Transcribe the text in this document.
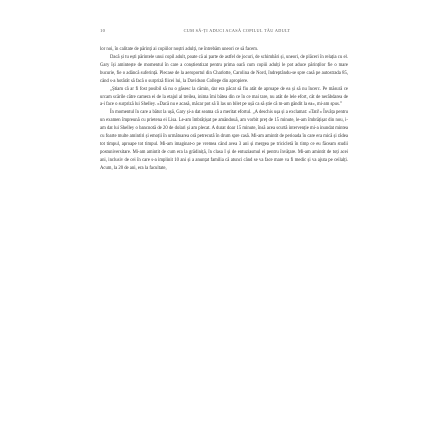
10	CUM SĂ-ȚI ADUCI ACASĂ COPILUL TĂU ADULT

lor noi, în calitate de părinți ai copiilor noștri adulți, ne întrebăm uneori ce să facem.

Dacă și tu ești părintele unui copil adult, poate că ai parte de astfel de jocuri, de schimbări și, uneori, de plăceri în relația cu el. Gary își amintește de momentul în care a conștientizat pentru prima oară cum copiii adulți le pot aduce părinților fie o mare bucurie, fie o adâncă suferință. Plecase de la aeroportul din Charlotte, Carolina de Nord, îndreptându-se spre casă pe autostrada 85, când s-a hotărât să facă o surpriză fiicei lui, la Davidson College din apropiere.

„Știam că ar fi fost posibil să nu o găsesc la cămin, dar era păcat să fiu atât de aproape de ea și să nu încerc. Pe măsură ce urcam scările către camera ei de la etajul al treilea, inima îmi bătea din ce în ce mai tare, nu atât de lele efort, cât de nerăbdarea de a-i face o surpriză lui Shelley. «Dacă nu e acasă, măcar pot să îi las un bilet pe ușă ca să știe că m-am gândit la ea», mi-am spus.”

În momentul în care a bătut la ușă, Gary și-a dat seama că a meritat efortul. „A deschis ușa și a exclamat: «Tati!» Învăța pentru un examen împreună cu prietena ei Lisa. Le-am îmbrățișat pe amândouă, am vorbit preț de 15 minute, le-am îmbrățișat din nou, i-am dat lui Shelley o bancnotă de 20 de dolari și am plecat. A durat doar 15 minute, însă acea scurtă intervenție mi-a inundat mintea cu foarte multe amintiri și emoții în următoarea oră petrecută în drum spre casă. Mi-am amintit de perioada în care era mică și râdea tot timpul, aproape tot timpul. Mi-am imaginat-o pe vremea când avea 3 ani și mergea pe tricicletă în timp ce eu făceam studii postuniversitare. Mi-am amintit de cum era la grădiniță, în clasa I și de entuziasmul ei pentru învățare. Mi-am amintit de toți acei ani, inclusiv de cei în care s-a implinit 10 ani și a anunțat familia că atunci când se va face mare va fi medic și va ajuta pe ceilalți. Acum, la 20 de ani, era la facultate,
